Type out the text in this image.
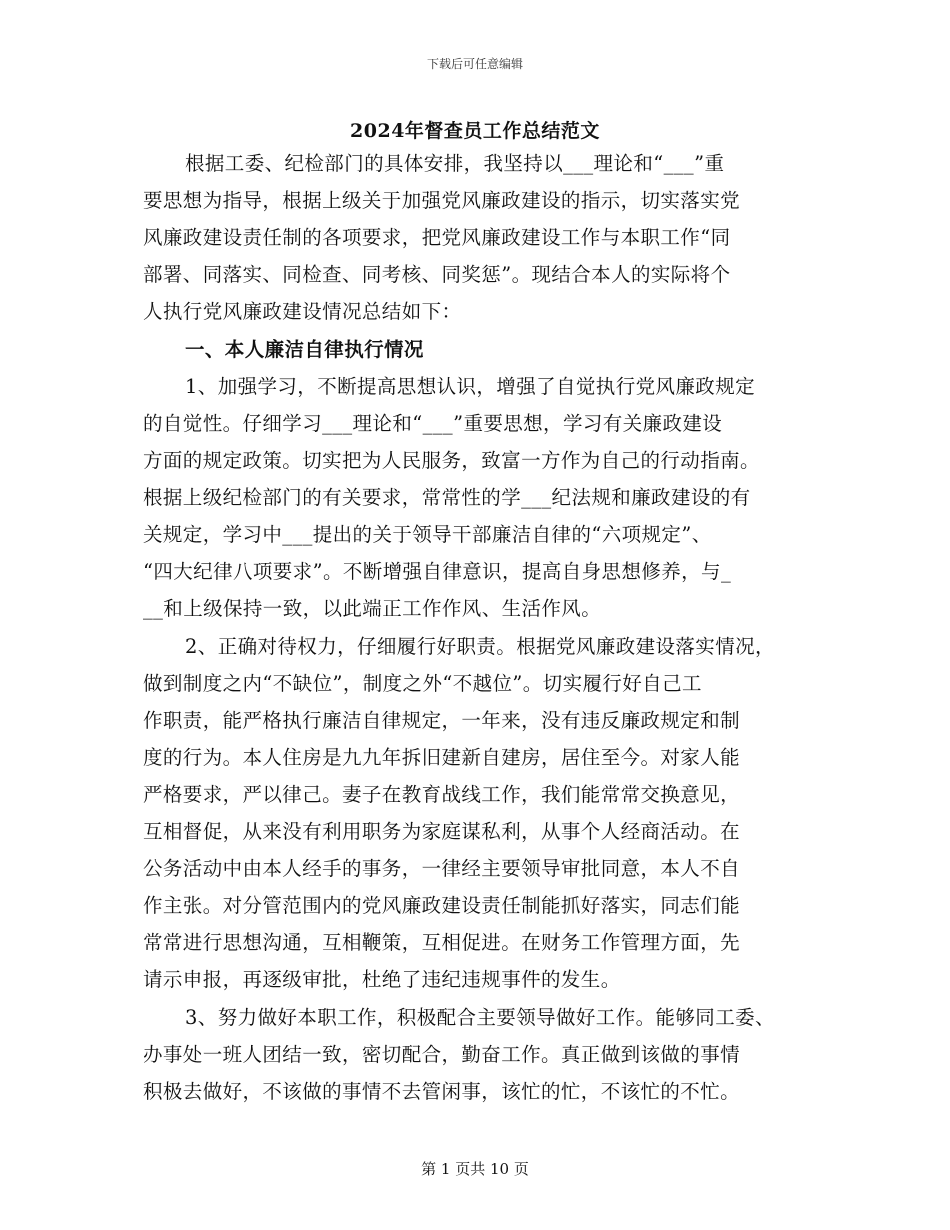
下载后可任意编辑
2024年督查员工作总结范文
根据工委、纪检部门的具体安排，我坚持以___理论和“___”重
要思想为指导，根据上级关于加强党风廉政建设的指示，切实落实党
风廉政建设责任制的各项要求，把党风廉政建设工作与本职工作“同
部署、同落实、同检查、同考核、同奖惩”。现结合本人的实际将个
人执行党风廉政建设情况总结如下：
一、本人廉洁自律执行情况
1、加强学习，不断提高思想认识，增强了自觉执行党风廉政规定
的自觉性。仔细学习___理论和“___”重要思想，学习有关廉政建设
方面的规定政策。切实把为人民服务，致富一方作为自己的行动指南。
根据上级纪检部门的有关要求，常常性的学___纪法规和廉政建设的有
关规定，学习中___提出的关于领导干部廉洁自律的“六项规定”、
“四大纪律八项要求”。不断增强自律意识，提高自身思想修养，与_
__和上级保持一致，以此端正工作作风、生活作风。
2、正确对待权力，仔细履行好职责。根据党风廉政建设落实情况，
做到制度之内“不缺位”，制度之外“不越位”。切实履行好自己工
作职责，能严格执行廉洁自律规定，一年来，没有违反廉政规定和制
度的行为。本人住房是九九年拆旧建新自建房，居住至今。对家人能
严格要求，严以律己。妻子在教育战线工作，我们能常常交换意见，
互相督促，从来没有利用职务为家庭谋私利，从事个人经商活动。在
公务活动中由本人经手的事务，一律经主要领导审批同意，本人不自
作主张。对分管范围内的党风廉政建设责任制能抓好落实，同志们能
常常进行思想沟通，互相鞭策，互相促进。在财务工作管理方面，先
请示申报，再逐级审批，杜绝了违纪违规事件的发生。
3、努力做好本职工作，积极配合主要领导做好工作。能够同工委、
办事处一班人团结一致，密切配合，勤奋工作。真正做到该做的事情
积极去做好，不该做的事情不去管闲事，该忙的忙，不该忙的不忙。
第 1 页共 10 页
